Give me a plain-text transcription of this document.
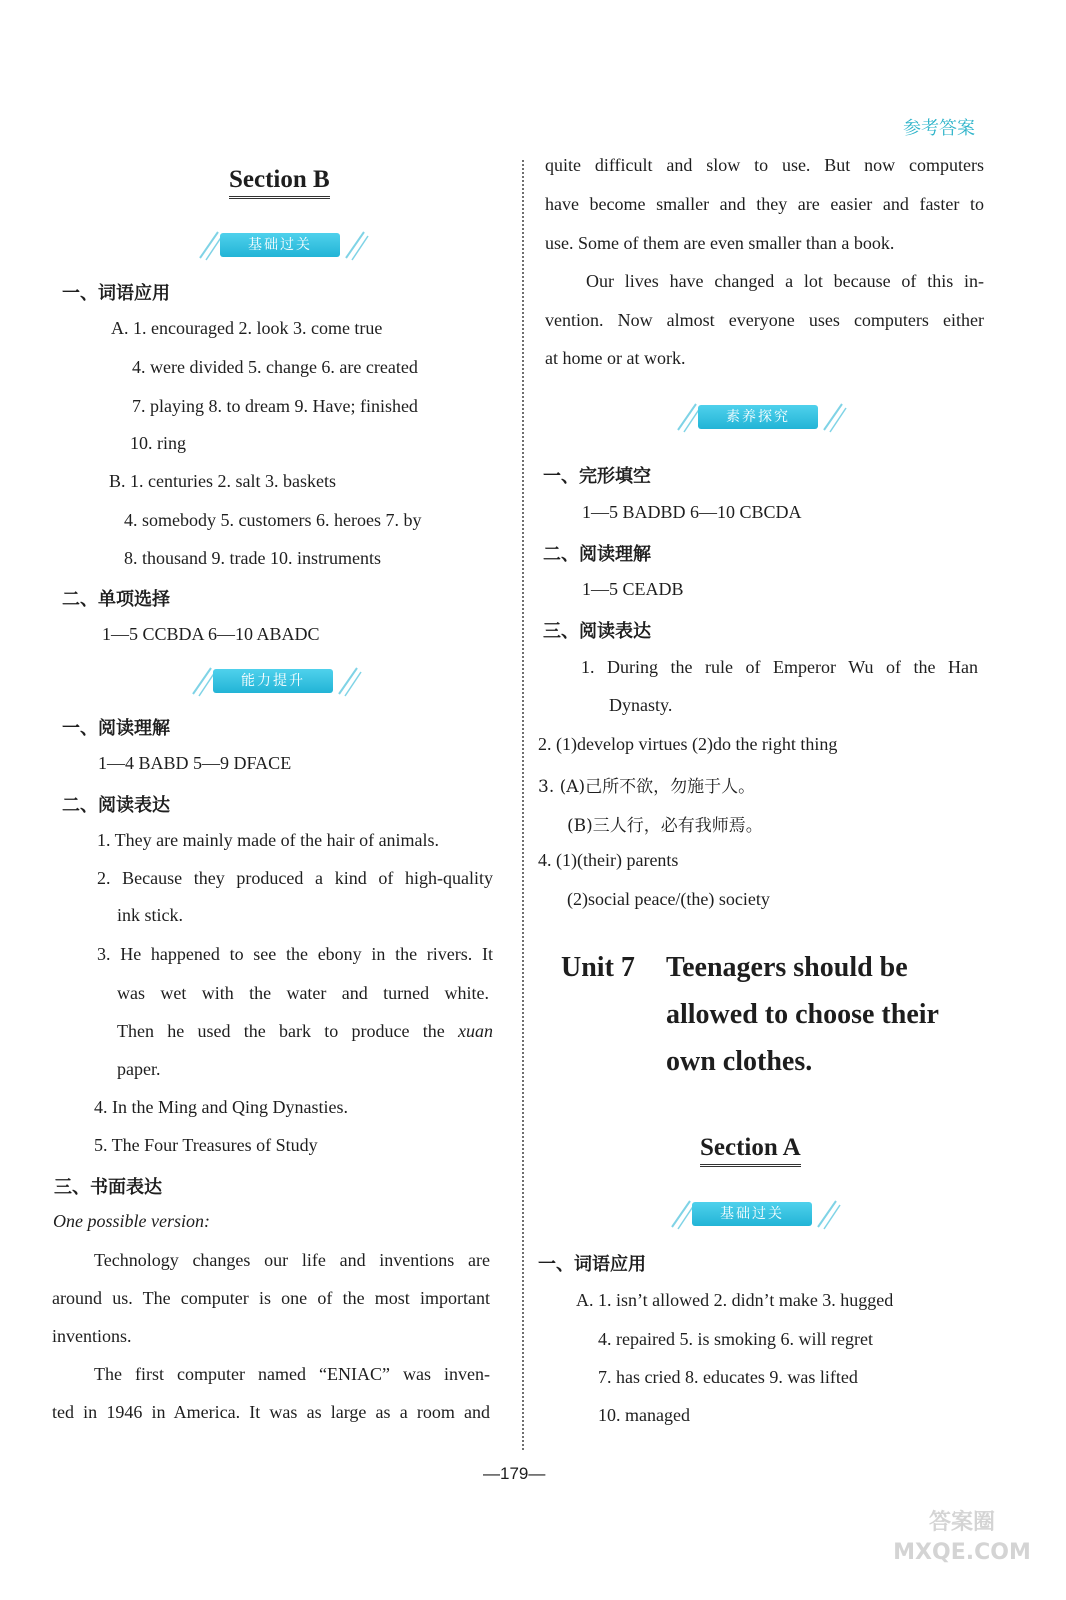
参考答案
Section B
基础过关
一、词语应用
A. 1. encouraged 2. look 3. come true
4. were divided 5. change 6. are created
7. playing 8. to dream 9. Have; finished
10. ring
B. 1. centuries 2. salt 3. baskets
4. somebody 5. customers 6. heroes 7. by
8. thousand 9. trade 10. instruments
二、单项选择
1—5 CCBDA 6—10 ABADC
能力提升
一、阅读理解
1—4 BABD 5—9 DFACE
二、阅读表达
1. They are mainly made of the hair of animals.
2. Because they produced a kind of high-quality
ink stick.
3. He happened to see the ebony in the rivers. It
was wet with the water and turned white.
Then he used the bark to produce the xuan
paper.
4. In the Ming and Qing Dynasties.
5. The Four Treasures of Study
三、书面表达
One possible version:
Technology changes our life and inventions are
around us. The computer is one of the most important
inventions.
The first computer named “ENIAC” was inven-
ted in 1946 in America. It was as large as a room and
quite difficult and slow to use. But now computers
have become smaller and they are easier and faster to
use. Some of them are even smaller than a book.
Our lives have changed a lot because of this in-
vention. Now almost everyone uses computers either
at home or at work.
素养探究
一、完形填空
1—5 BADBD 6—10 CBCDA
二、阅读理解
1—5 CEADB
三、阅读表达
1. During the rule of Emperor Wu of the Han
Dynasty.
2. (1)develop virtues (2)do the right thing
3. (A)己所不欲，勿施于人。
(B)三人行，必有我师焉。
4. (1)(their) parents
(2)social peace/(the) society
Unit 7 Teenagers should be
allowed to choose their
own clothes.
Section A
基础过关
一、词语应用
A. 1. isn’t allowed 2. didn’t make 3. hugged
4. repaired 5. is smoking 6. will regret
7. has cried 8. educates 9. was lifted
10. managed
—179—
答案圈 MXQE.COM
